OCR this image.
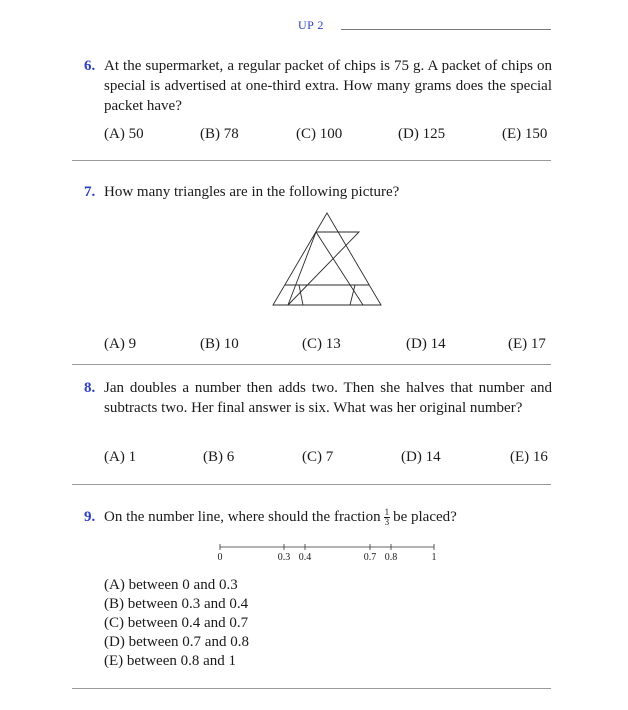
UP 2
6. At the supermarket, a regular packet of chips is 75 g. A packet of chips on special is advertised at one-third extra. How many grams does the special packet have?
(A) 50	(B) 78	(C) 100	(D) 125	(E) 150
7. How many triangles are in the following picture?
(A) 9	(B) 10	(C) 13	(D) 14	(E) 17
8. Jan doubles a number then adds two. Then she halves that number and subtracts two. Her final answer is six. What was her original number?
(A) 1	(B) 6	(C) 7	(D) 14	(E) 16
9. On the number line, where should the fraction $\frac{1}{3}$ be placed?
0	0.3 0.4	0.7 0.8	1
(A) between 0 and 0.3
(B) between 0.3 and 0.4
(C) between 0.4 and 0.7
(D) between 0.7 and 0.8
(E) between 0.8 and 1
